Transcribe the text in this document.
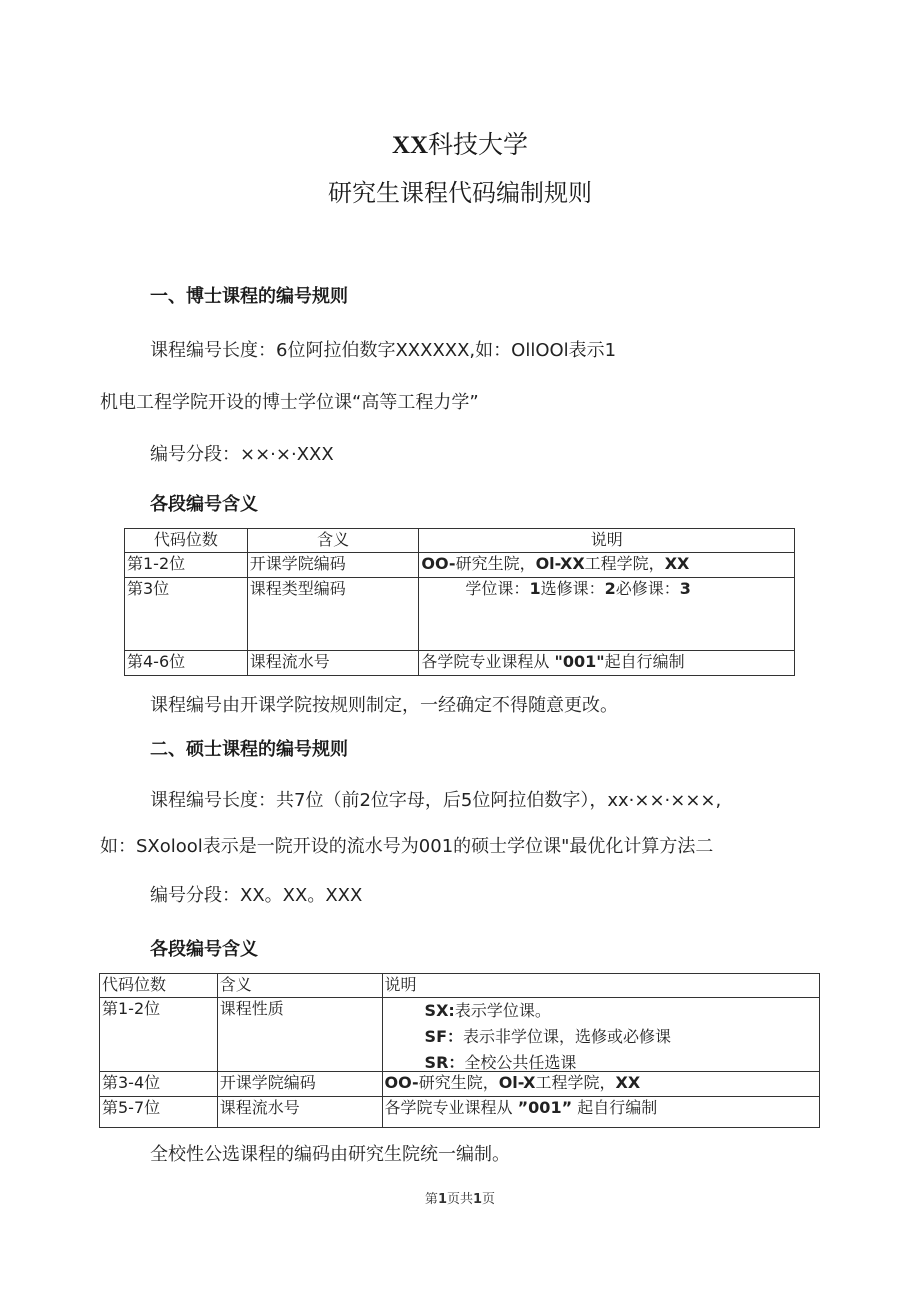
XX科技大学
研究生课程代码编制规则
一、博士课程的编号规则
课程编号长度：6位阿拉伯数字XXXXXX,如：OllOOl表示1
机电工程学院开设的博士学位课“高等工程力学”
编号分段：××·×·XXX
各段编号含义
代码位数	含义	说明
第1-2位	开课学院编码	OO-研究生院，Ol-XX工程学院，XX
第3位	课程类型编码	学位课：1选修课：2必修课：3
第4-6位	课程流水号	各学院专业课程从 "001"起自行编制
课程编号由开课学院按规则制定，一经确定不得随意更改。
二、硕士课程的编号规则
课程编号长度：共7位（前2位字母，后5位阿拉伯数字），xx·××·×××,
如：SXolool表示是一院开设的流水号为001的硕士学位课"最优化计算方法二
编号分段：XX。XX。XXX
各段编号含义
代码位数	含义	说明
第1-2位	课程性质	SX:表示学位课。
SF：表示非学位课，选修或必修课
SR：全校公共任选课

第3-4位	开课学院编码	OO-研究生院，Ol-X工程学院，XX
第5-7位	课程流水号	各学院专业课程从 ”001” 起自行编制
全校性公选课程的编码由研究生院统一编制。
第1页共1页
